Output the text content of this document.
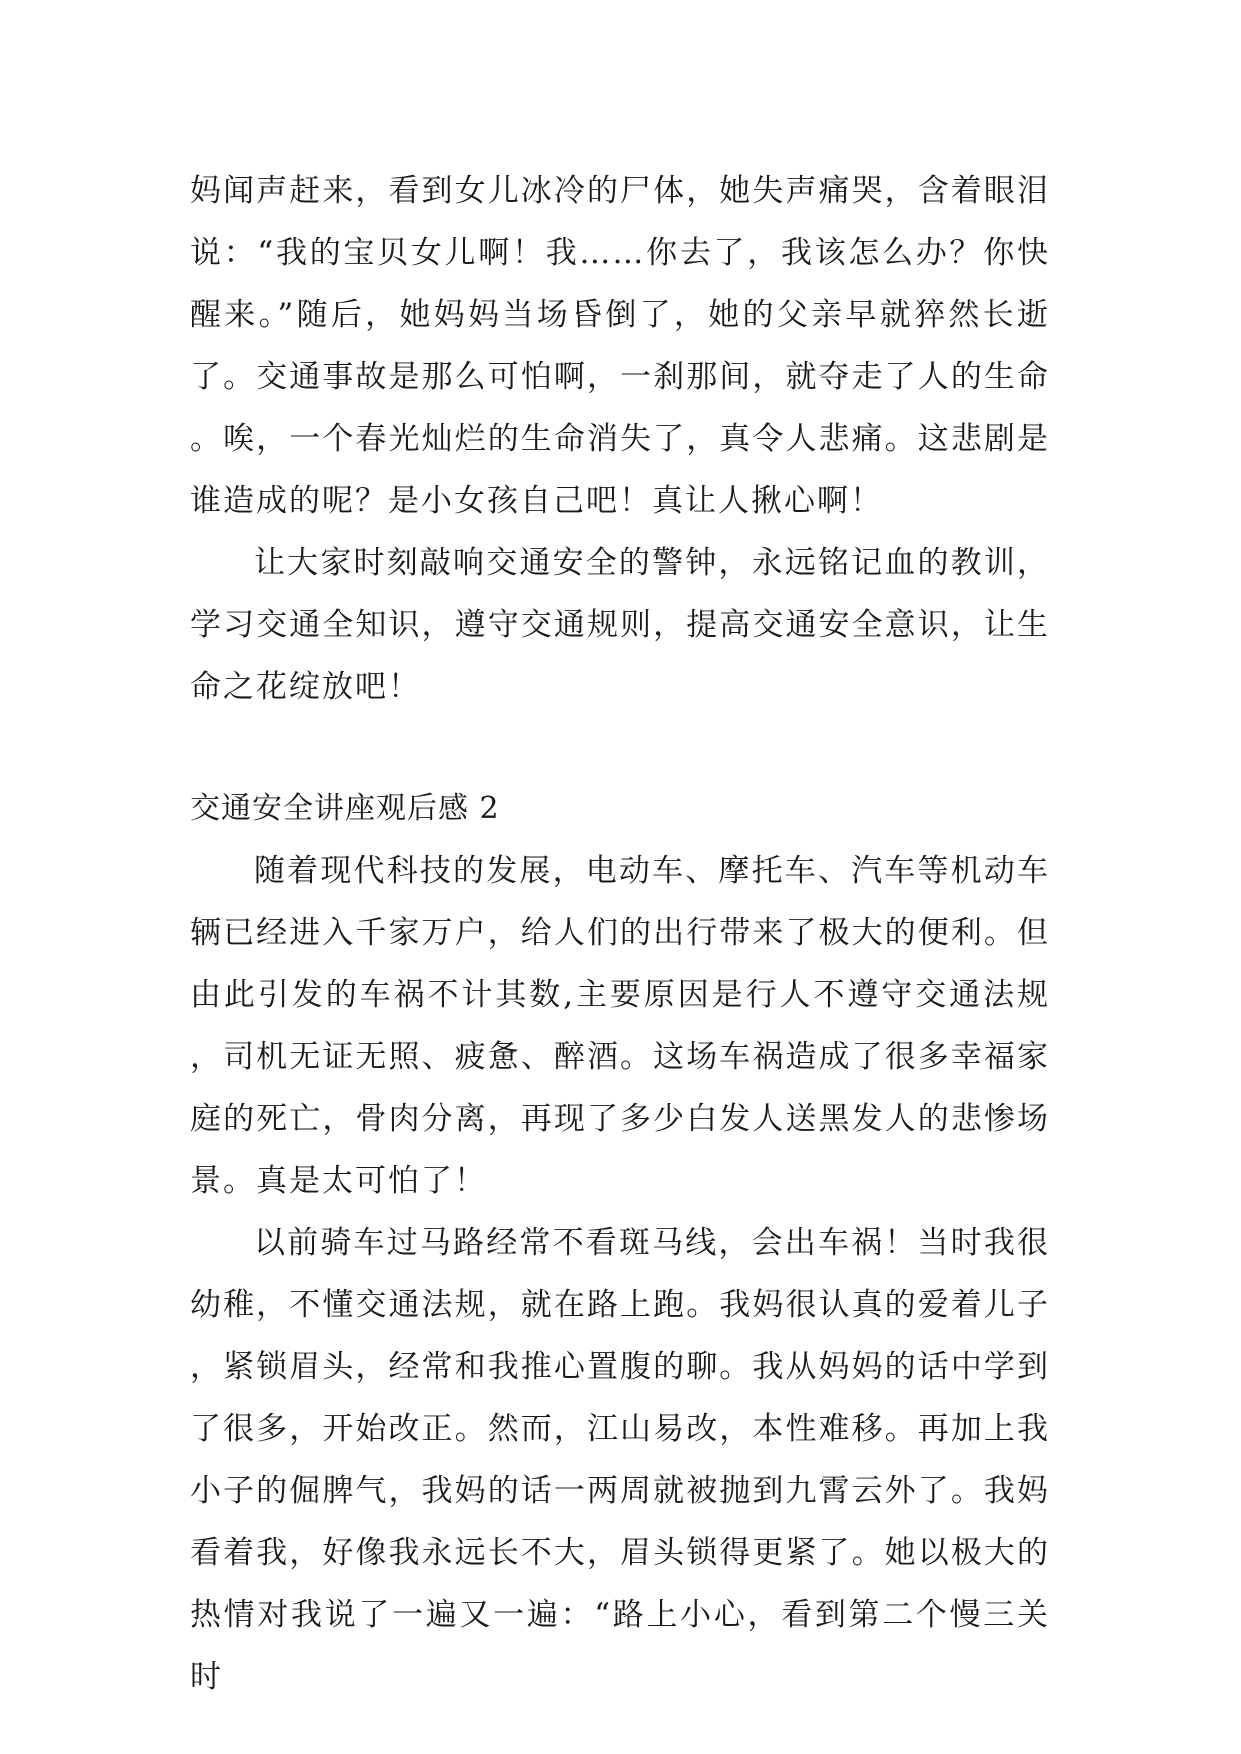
妈闻声赶来，看到女儿冰冷的尸体，她失声痛哭，含着眼泪说：“我的宝贝女儿啊！我……你去了，我该怎么办？你快醒来。”随后，她妈妈当场昏倒了，她的父亲早就猝然长逝了。交通事故是那么可怕啊，一刹那间，就夺走了人的生命。唉，一个春光灿烂的生命消失了，真令人悲痛。这悲剧是谁造成的呢？是小女孩自己吧！真让人揪心啊！

让大家时刻敲响交通安全的警钟，永远铭记血的教训，学习交通全知识，遵守交通规则，提高交通安全意识，让生命之花绽放吧！

交通安全讲座观后感 2

随着现代科技的发展，电动车、摩托车、汽车等机动车辆已经进入千家万户，给人们的出行带来了极大的便利。但由此引发的车祸不计其数,主要原因是行人不遵守交通法规，司机无证无照、疲惫、醉酒。这场车祸造成了很多幸福家庭的死亡，骨肉分离，再现了多少白发人送黑发人的悲惨场景。真是太可怕了！

以前骑车过马路经常不看斑马线，会出车祸！当时我很幼稚，不懂交通法规，就在路上跑。我妈很认真的爱着儿子，紧锁眉头，经常和我推心置腹的聊。我从妈妈的话中学到了很多，开始改正。然而，江山易改，本性难移。再加上我小子的倔脾气，我妈的话一两周就被抛到九霄云外了。我妈看着我，好像我永远长不大，眉头锁得更紧了。她以极大的热情对我说了一遍又一遍：“路上小心，看到第二个慢三关时
